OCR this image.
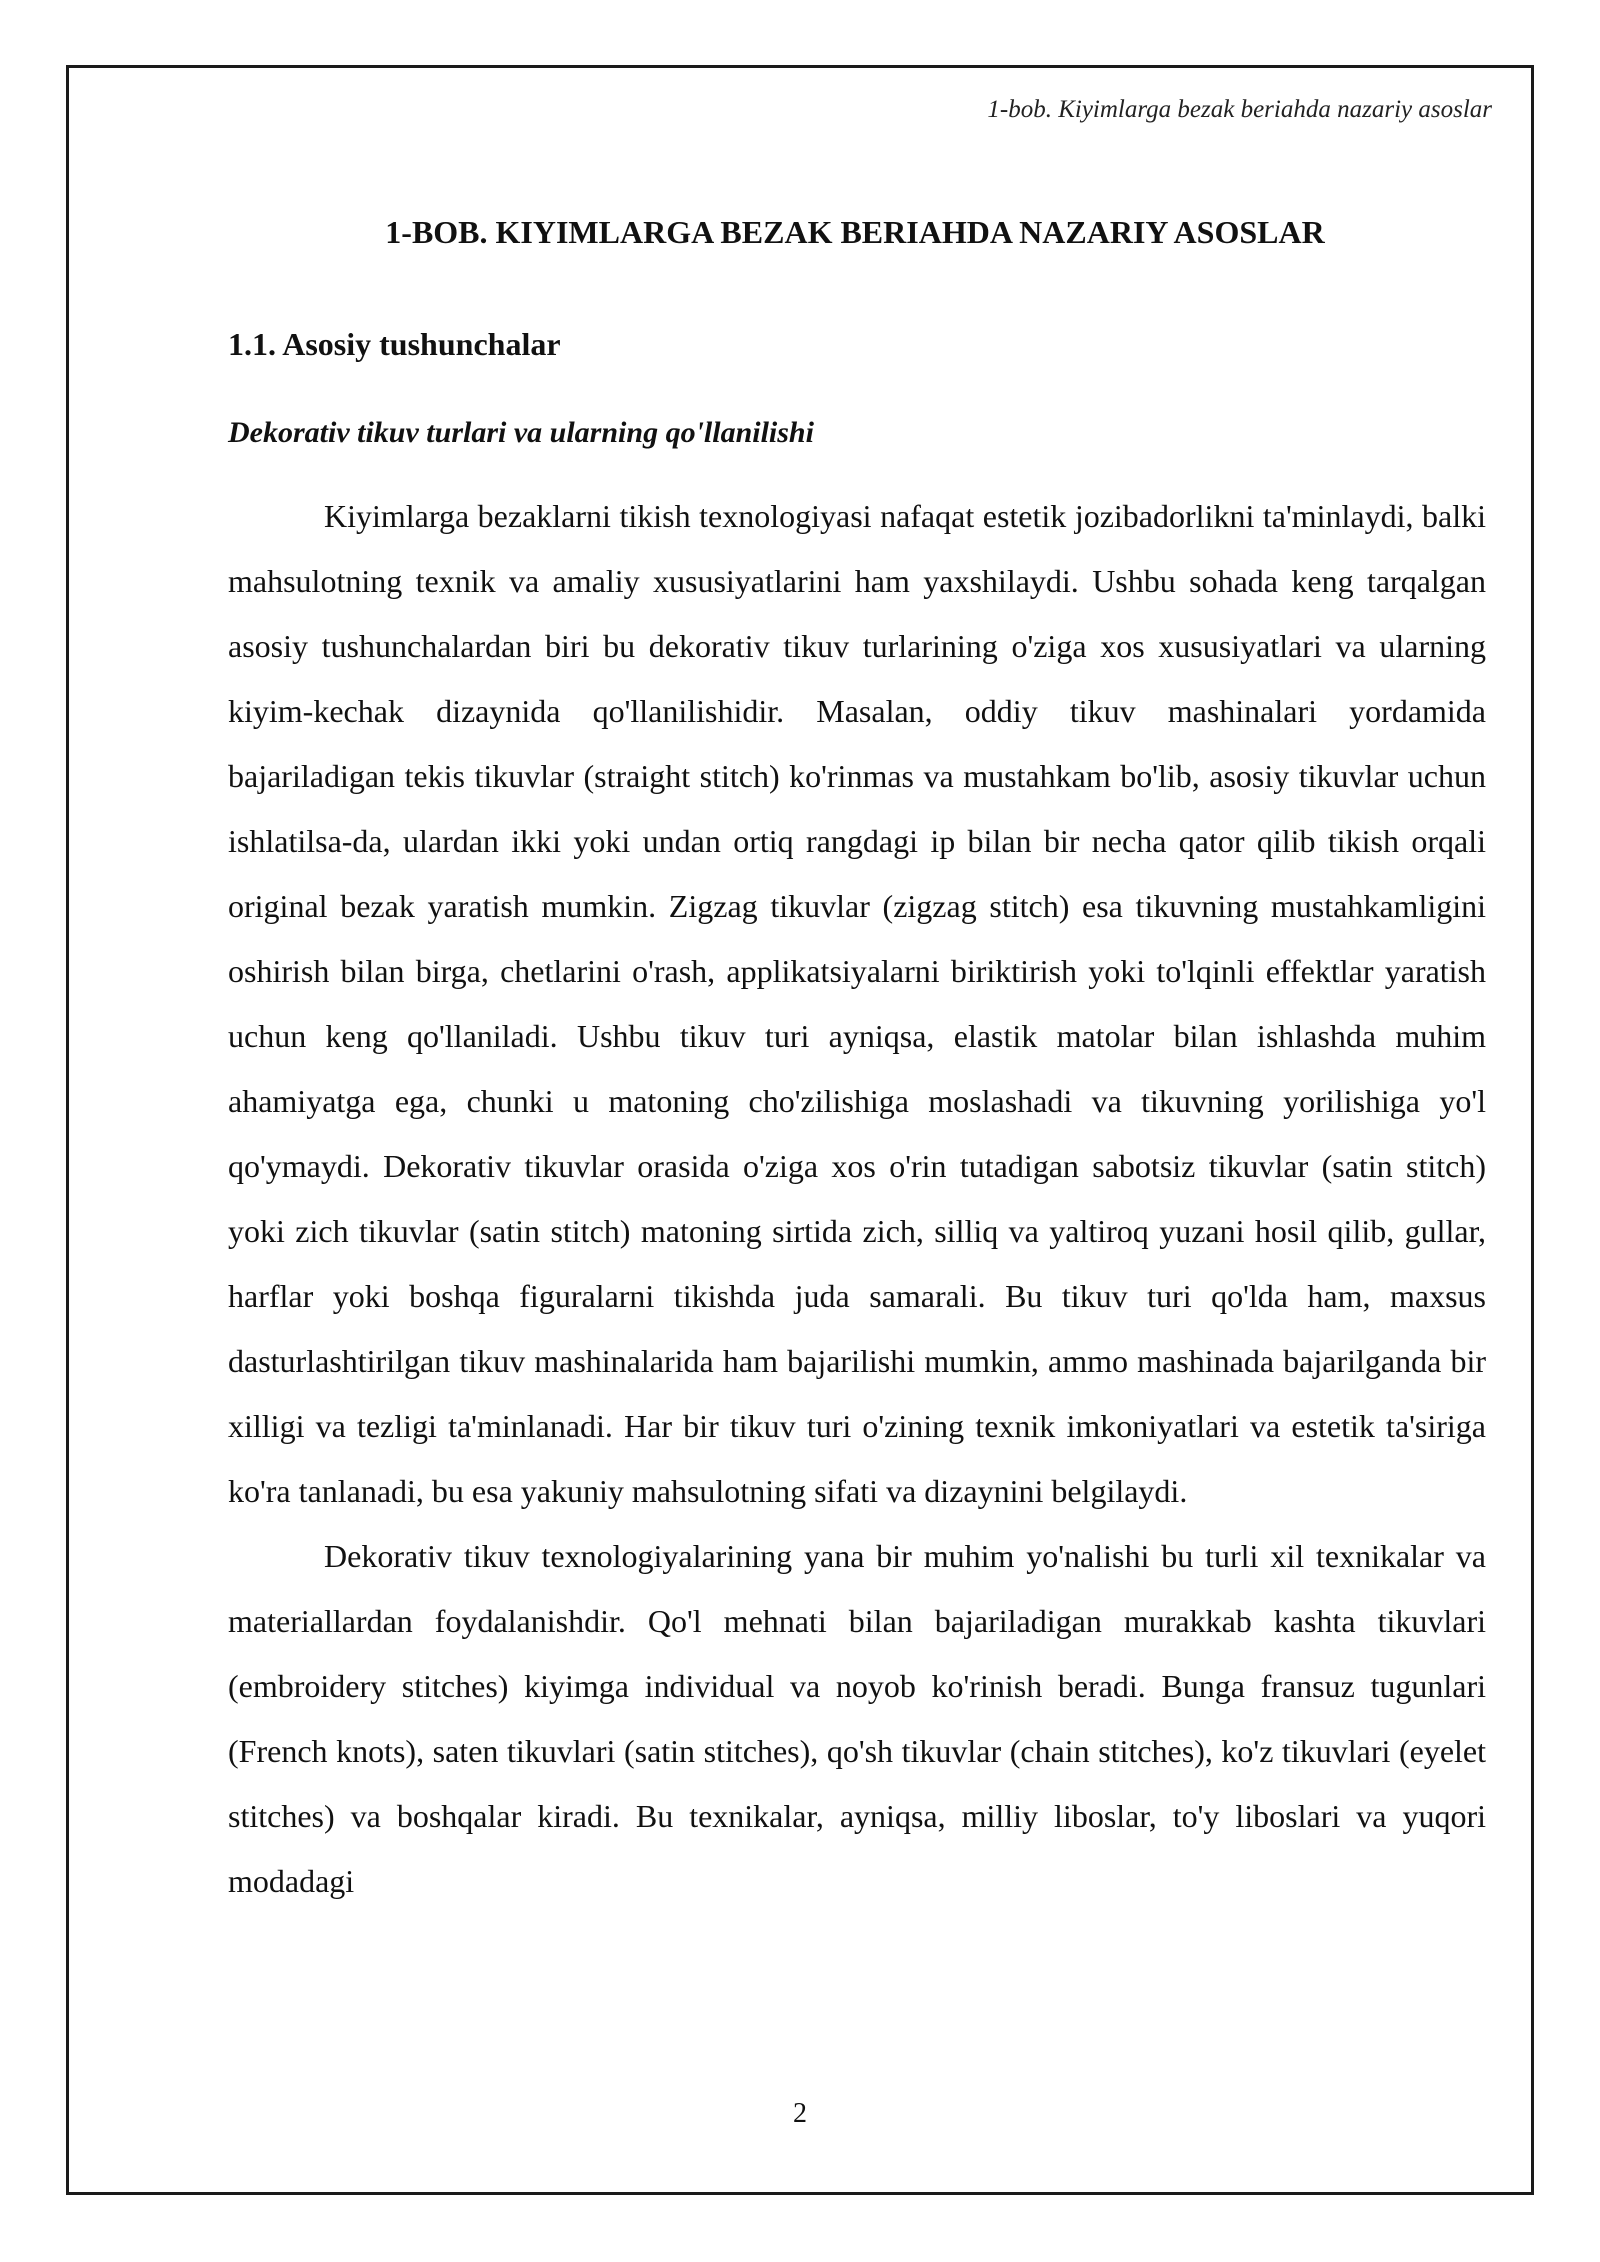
1-bob. Kiyimlarga bezak beriahda nazariy asoslar
1-BOB. KIYIMLARGA BEZAK BERIAHDA NAZARIY ASOSLAR
1.1. Asosiy tushunchalar
Dekorativ tikuv turlari va ularning qo'llanilishi

Kiyimlarga bezaklarni tikish texnologiyasi nafaqat estetik jozibadorlikni ta'minlaydi, balki mahsulotning texnik va amaliy xususiyatlarini ham yaxshilaydi. Ushbu sohada keng tarqalgan asosiy tushunchalardan biri bu dekorativ tikuv turlarining o'ziga xos xususiyatlari va ularning kiyim-kechak dizaynida qo'llanilishidir. Masalan, oddiy tikuv mashinalari yordamida bajariladigan tekis tikuvlar (straight stitch) ko'rinmas va mustahkam bo'lib, asosiy tikuvlar uchun ishlatilsa-da, ulardan ikki yoki undan ortiq rangdagi ip bilan bir necha qator qilib tikish orqali original bezak yaratish mumkin. Zigzag tikuvlar (zigzag stitch) esa tikuvning mustahkamligini oshirish bilan birga, chetlarini o'rash, applikatsiyalarni biriktirish yoki to'lqinli effektlar yaratish uchun keng qo'llaniladi. Ushbu tikuv turi ayniqsa, elastik matolar bilan ishlashda muhim ahamiyatga ega, chunki u matoning cho'zilishiga moslashadi va tikuvning yorilishiga yo'l qo'ymaydi. Dekorativ tikuvlar orasida o'ziga xos o'rin tutadigan sabotsiz tikuvlar (satin stitch) yoki zich tikuvlar (satin stitch) matoning sirtida zich, silliq va yaltiroq yuzani hosil qilib, gullar, harflar yoki boshqa figuralarni tikishda juda samarali. Bu tikuv turi qo'lda ham, maxsus dasturlashtirilgan tikuv mashinalarida ham bajarilishi mumkin, ammo mashinada bajarilganda bir xilligi va tezligi ta'minlanadi. Har bir tikuv turi o'zining texnik imkoniyatlari va estetik ta'siriga ko'ra tanlanadi, bu esa yakuniy mahsulotning sifati va dizaynini belgilaydi.

Dekorativ tikuv texnologiyalarining yana bir muhim yo'nalishi bu turli xil texnikalar va materiallardan foydalanishdir. Qo'l mehnati bilan bajariladigan murakkab kashta tikuvlari (embroidery stitches) kiyimga individual va noyob ko'rinish beradi. Bunga fransuz tugunlari (French knots), saten tikuvlari (satin stitches), qo'sh tikuvlar (chain stitches), ko'z tikuvlari (eyelet stitches) va boshqalar kiradi. Bu texnikalar, ayniqsa, milliy liboslar, to'y liboslari va yuqori modadagi

2
